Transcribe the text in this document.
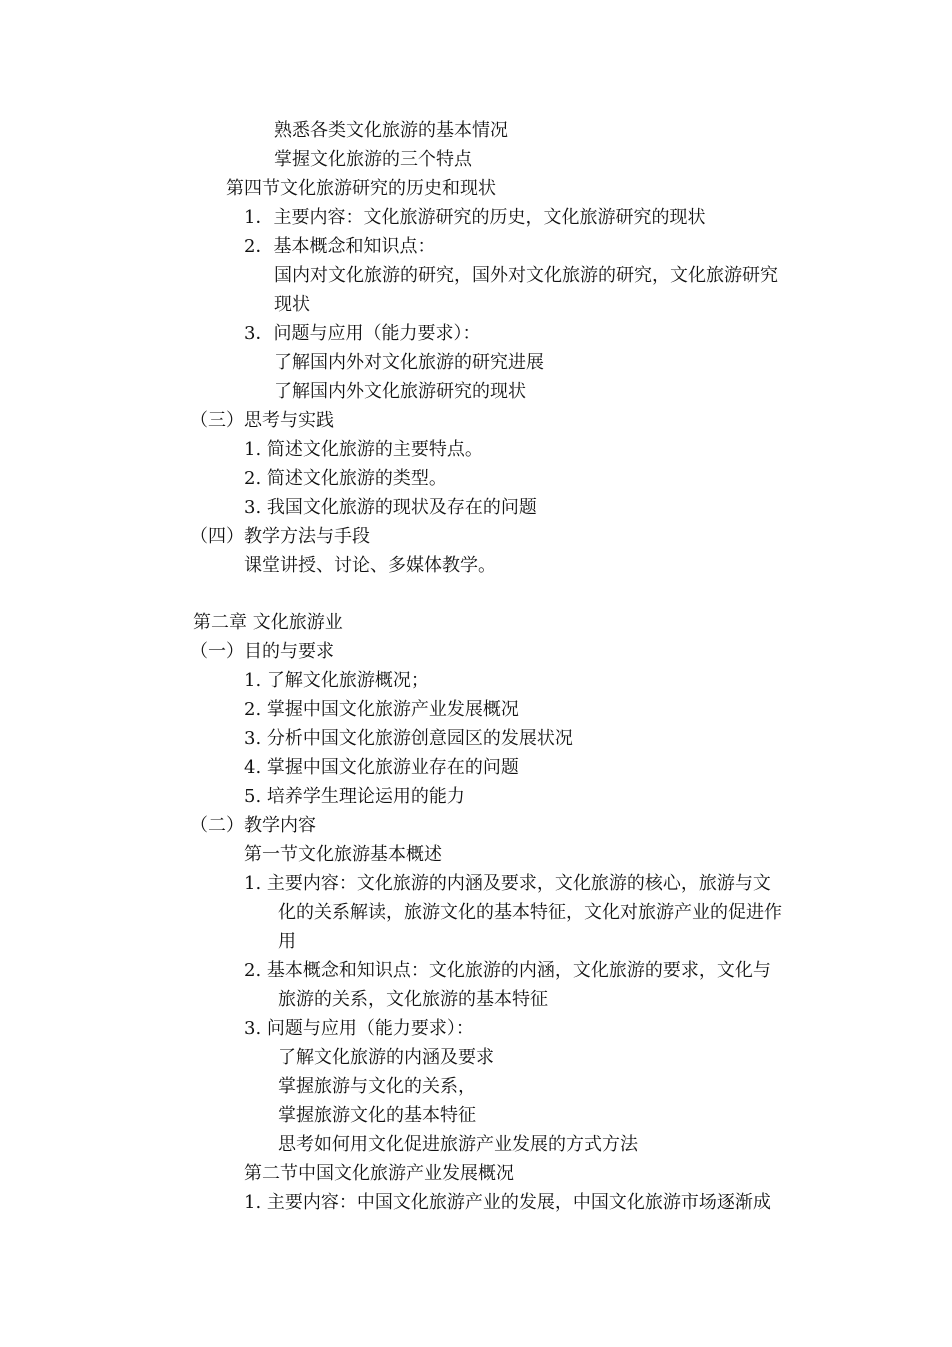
熟悉各类文化旅游的基本情况

掌握文化旅游的三个特点

第四节文化旅游研究的历史和现状

1．主要内容：文化旅游研究的历史，文化旅游研究的现状

2．基本概念和知识点：

国内对文化旅游的研究，国外对文化旅游的研究，文化旅游研究

现状

3．问题与应用（能力要求）：

了解国内外对文化旅游的研究进展

了解国内外文化旅游研究的现状

（三）思考与实践

1. 简述文化旅游的主要特点。

2. 简述文化旅游的类型。

3. 我国文化旅游的现状及存在的问题

（四）教学方法与手段

课堂讲授、讨论、多媒体教学。

第二章 文化旅游业

（一）目的与要求

1. 了解文化旅游概况；

2. 掌握中国文化旅游产业发展概况

3. 分析中国文化旅游创意园区的发展状况

4. 掌握中国文化旅游业存在的问题

5. 培养学生理论运用的能力

（二）教学内容

第一节文化旅游基本概述

1. 主要内容：文化旅游的内涵及要求，文化旅游的核心，旅游与文

化的关系解读，旅游文化的基本特征，文化对旅游产业的促进作

用

2. 基本概念和知识点：文化旅游的内涵，文化旅游的要求，文化与

旅游的关系，文化旅游的基本特征

3. 问题与应用（能力要求）：

了解文化旅游的内涵及要求

掌握旅游与文化的关系，

掌握旅游文化的基本特征

思考如何用文化促进旅游产业发展的方式方法

第二节中国文化旅游产业发展概况

1. 主要内容：中国文化旅游产业的发展，中国文化旅游市场逐渐成
